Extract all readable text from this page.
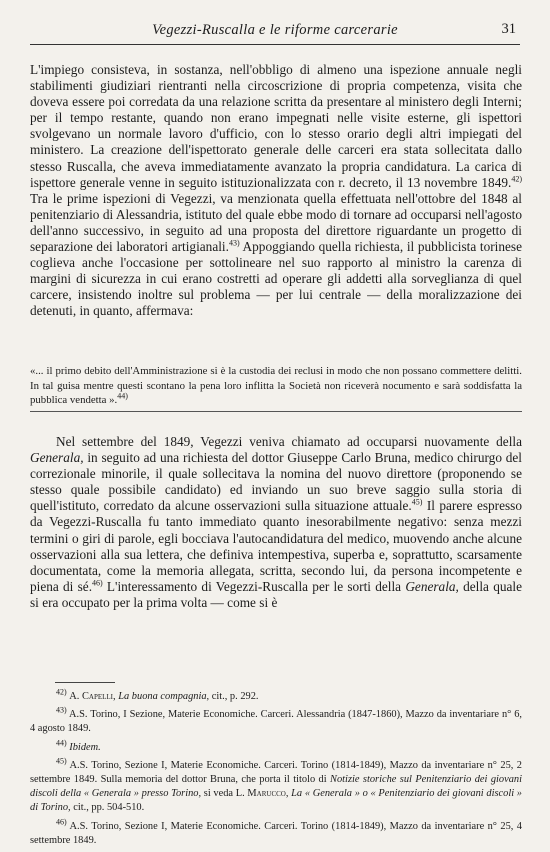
Vegezzi-Ruscalla e le riforme carcerarie	31

L'impiego consisteva, in sostanza, nell'obbligo di almeno una ispezione annuale negli stabilimenti giudiziari rientranti nella circoscrizione di propria competenza, visita che doveva essere poi corredata da una relazione scritta da presentare al ministero degli Interni; per il tempo restante, quando non erano impegnati nelle visite esterne, gli ispettori svolgevano un normale lavoro d'ufficio, con lo stesso orario degli altri impiegati del ministero. La creazione dell'ispettorato generale delle carceri era stata sollecitata dallo stesso Ruscalla, che aveva immediatamente avanzato la propria candidatura. La carica di ispettore generale venne in seguito istituzionalizzata con r. decreto, il 13 novembre 1849.$^{42)}$ Tra le prime ispezioni di Vegezzi, va menzionata quella effettuata nell'ottobre del 1848 al penitenziario di Alessandria, istituto del quale ebbe modo di tornare ad occuparsi nell'agosto dell'anno successivo, in seguito ad una proposta del direttore riguardante un progetto di separazione dei laboratori artigianali.$^{43)}$ Appoggiando quella richiesta, il pubblicista torinese coglieva anche l'occasione per sottolineare nel suo rapporto al ministro la carenza di margini di sicurezza in cui erano costretti ad operare gli addetti alla sorveglianza di quel carcere, insistendo inoltre sul problema — per lui centrale — della moralizzazione dei detenuti, in quanto, affermava:

«... il primo debito dell'Amministrazione si è la custodia dei reclusi in modo che non possano commettere delitti. In tal guisa mentre questi scontano la pena loro inflitta la Società non riceverà nocumento e sarà soddisfatta la pubblica vendetta ».$^{44)}$
Nel settembre del 1849, Vegezzi veniva chiamato ad occuparsi nuovamente della Generala, in seguito ad una richiesta del dottor Giuseppe Carlo Bruna, medico chirurgo del correzionale minorile, il quale sollecitava la nomina del nuovo direttore (proponendo se stesso quale possibile candidato) ed inviando un suo breve saggio sulla storia di quell'istituto, corredato da alcune osservazioni sulla situazione attuale.$^{45)}$ Il parere espresso da Vegezzi-Ruscalla fu tanto immediato quanto inesorabilmente negativo: senza mezzi termini o giri di parole, egli bocciava l'autocandidatura del medico, muovendo anche alcune osservazioni alla sua lettera, che definiva intempestiva, superba e, soprattutto, scarsamente documentata, come la memoria allegata, scritta, secondo lui, da persona incompetente e piena di sé.$^{46)}$ L'interessamento di Vegezzi-Ruscalla per le sorti della Generala, della quale si era occupato per la prima volta — come si è

$^{42)}$ A. Capelli, La buona compagnia, cit., p. 292.

$^{43)}$ A.S. Torino, I Sezione, Materie Economiche. Carceri. Alessandria (1847-1860), Mazzo da inventariare n° 6, 4 agosto 1849.

$^{44)}$ Ibidem.

$^{45)}$ A.S. Torino, Sezione I, Materie Economiche. Carceri. Torino (1814-1849), Mazzo da inventariare n° 25, 2 settembre 1849. Sulla memoria del dottor Bruna, che porta il titolo di Notizie storiche sul Penitenziario dei giovani discoli della « Generala » presso Torino, si veda L. Marucco, La « Generala » o « Penitenziario dei giovani discoli » di Torino, cit., pp. 504-510.

$^{46)}$ A.S. Torino, Sezione I, Materie Economiche. Carceri. Torino (1814-1849), Mazzo da inventariare n° 25, 4 settembre 1849.
